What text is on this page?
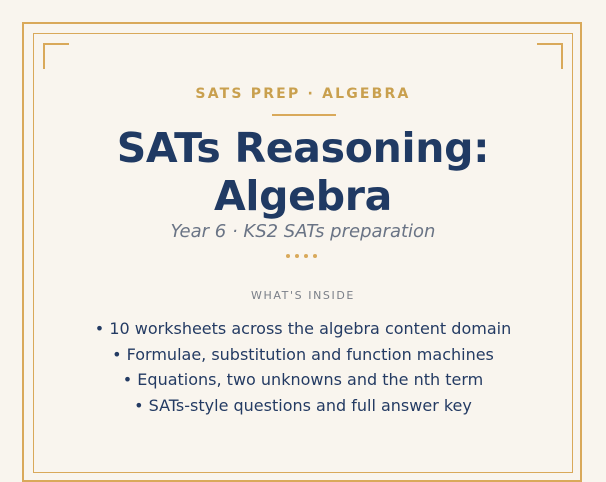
SATS PREP · ALGEBRA
SATs Reasoning:
Algebra
Year 6 · KS2 SATs preparation
WHAT'S INSIDE
• 10 worksheets across the algebra content domain
• Formulae, substitution and function machines
• Equations, two unknowns and the nth term
• SATs-style questions and full answer key
